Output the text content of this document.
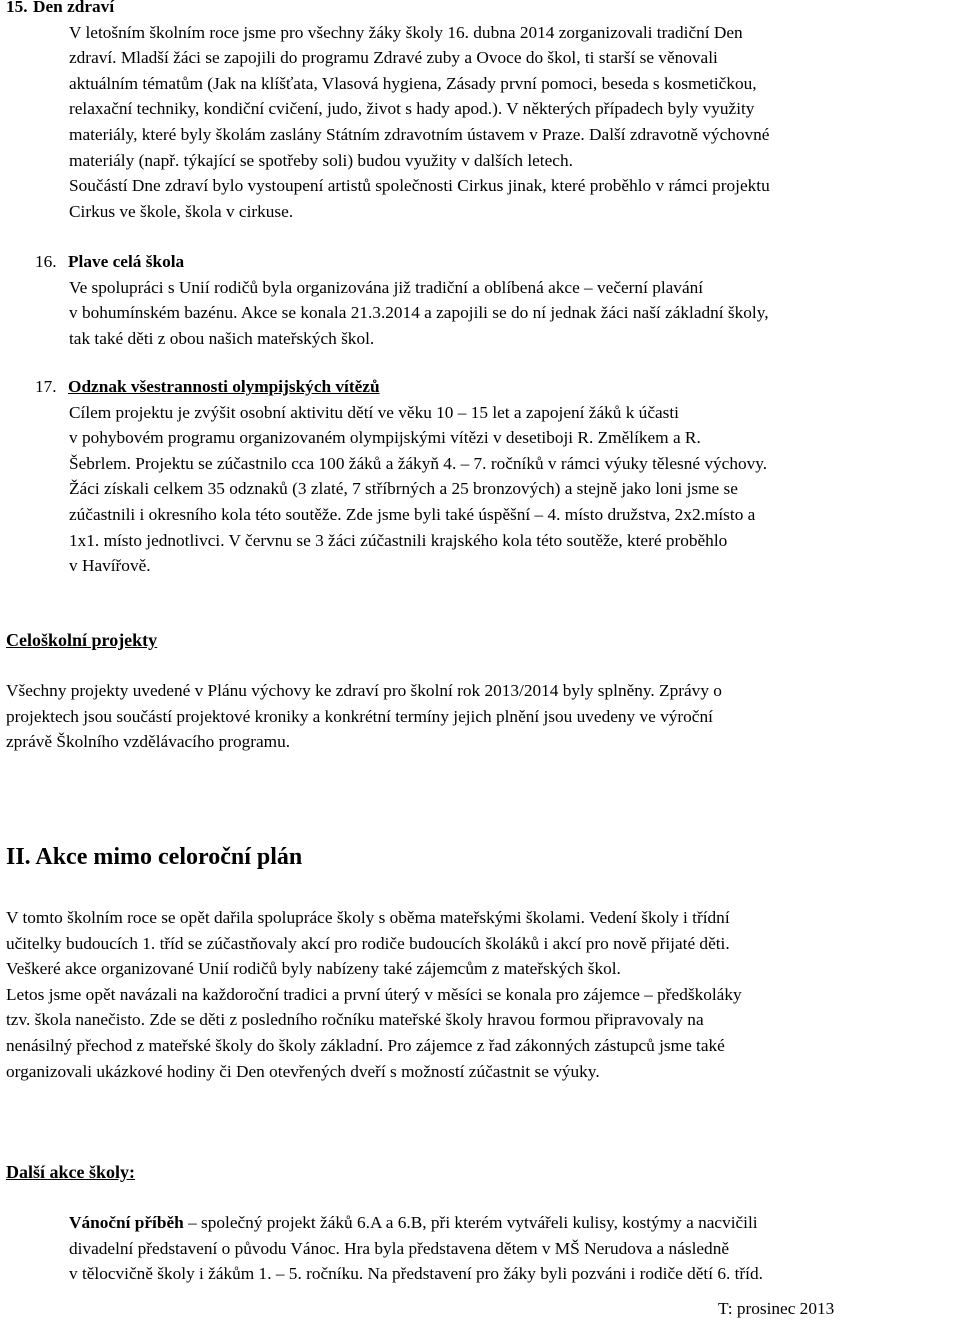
15. Den zdraví
V letošním školním roce jsme pro všechny žáky školy 16. dubna 2014 zorganizovali tradiční Den
zdraví. Mladší žáci se zapojili do programu Zdravé zuby a Ovoce do škol, ti starší se věnovali
aktuálním tématům (Jak na klíšťata, Vlasová hygiena, Zásady první pomoci, beseda s kosmetičkou,
relaxační techniky, kondiční cvičení, judo, život s hady apod.). V některých případech byly využity
materiály, které byly školám zaslány Státním zdravotním ústavem v Praze. Další zdravotně výchovné
materiály (např. týkající se spotřeby soli) budou využity v dalších letech.
Součástí Dne zdraví bylo vystoupení artistů společnosti Cirkus jinak, které proběhlo v rámci projektu
Cirkus ve škole, škola v cirkuse.
16. Plave celá škola
Ve spolupráci s Unií rodičů byla organizována již tradiční a oblíbená akce – večerní plavání
v bohumínském bazénu. Akce se konala 21.3.2014 a zapojili se do ní jednak žáci naší základní školy,
tak také děti z obou našich mateřských škol.
17. Odznak všestrannosti olympijských vítězů
Cílem projektu je zvýšit osobní aktivitu dětí ve věku 10 – 15 let a zapojení žáků k účasti
v pohybovém programu organizovaném olympijskými vítězi v desetiboji R. Změlíkem a R.
Šebrlem. Projektu se zúčastnilo cca 100 žáků a žákyň 4. – 7. ročníků v rámci výuky tělesné výchovy.
Žáci získali celkem 35 odznaků (3 zlaté, 7 stříbrných a 25 bronzových) a stejně jako loni jsme se
zúčastnili i okresního kola této soutěže. Zde jsme byli také úspěšní – 4. místo družstva, 2x2.místo a
1x1. místo jednotlivci. V červnu se 3 žáci zúčastnili krajského kola této soutěže, které proběhlo
v Havířově.
Celoškolní projekty
Všechny projekty uvedené v Plánu výchovy ke zdraví pro školní rok 2013/2014 byly splněny. Zprávy o
projektech jsou součástí projektové kroniky a konkrétní termíny jejich plnění jsou uvedeny ve výroční
zprávě Školního vzdělávacího programu.
II. Akce mimo celoroční plán
V tomto školním roce se opět dařila spolupráce školy s oběma mateřskými školami. Vedení školy i třídní
učitelky budoucích 1. tříd se zúčastňovaly akcí pro rodiče budoucích školáků i akcí pro nově přijaté děti.
Veškeré akce organizované Unií rodičů byly nabízeny také zájemcům z mateřských škol.
Letos jsme opět navázali na každoroční tradici a první úterý v měsíci se konala pro zájemce – předškoláky
tzv. škola nanečisto. Zde se děti z posledního ročníku mateřské školy hravou formou připravovaly na
nenásilný přechod z mateřské školy do školy základní. Pro zájemce z řad zákonných zástupců jsme také
organizovali ukázkové hodiny či Den otevřených dveří s možností zúčastnit se výuky.
Další akce školy:
Vánoční příběh – společný projekt žáků 6.A a 6.B, při kterém vytvářeli kulisy, kostýmy a nacvičili
divadelní představení o původu Vánoc. Hra byla představena dětem v MŠ Nerudova a následně
v tělocvičně školy i žákům 1. – 5. ročníku. Na představení pro žáky byli pozváni i rodiče dětí 6. tříd.
T: prosinec 2013
